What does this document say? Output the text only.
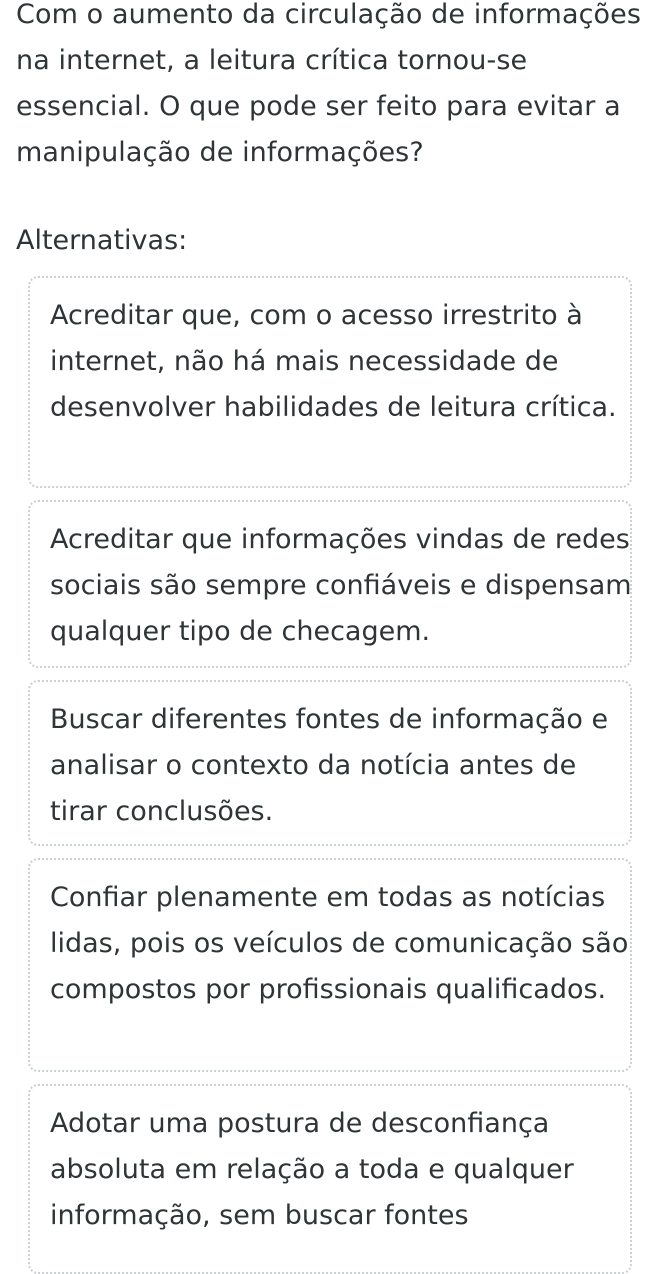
Com o aumento da circulação de informações na internet, a leitura crítica tornou-se essencial. O que pode ser feito para evitar a manipulação de informações?

Alternativas:

Acreditar que, com o acesso irrestrito à internet, não há mais necessidade de desenvolver habilidades de leitura crítica.

Acreditar que informações vindas de redes sociais são sempre confiáveis e dispensam qualquer tipo de checagem.

Buscar diferentes fontes de informação e analisar o contexto da notícia antes de tirar conclusões.

Confiar plenamente em todas as notícias lidas, pois os veículos de comunicação são compostos por profissionais qualificados.

Adotar uma postura de desconfiança absoluta em relação a toda e qualquer informação, sem buscar fontes
